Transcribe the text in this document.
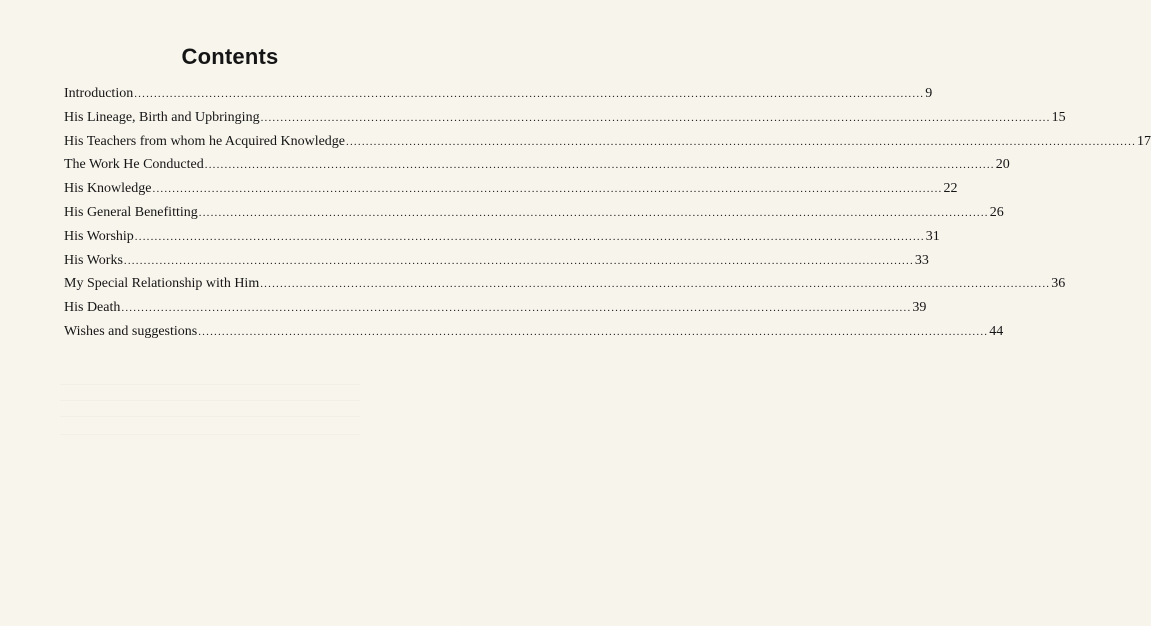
Contents
Introduction ........................................................................................................................................................................................................ 9
His Lineage, Birth and Upbringing ........................................................................................................................................................................................................ 15
His Teachers from whom he Acquired Knowledge ........................................................................................................................................................................................................ 17
The Work He Conducted ........................................................................................................................................................................................................ 20
His Knowledge ........................................................................................................................................................................................................ 22
His General Benefitting ........................................................................................................................................................................................................ 26
His Worship ........................................................................................................................................................................................................ 31
His Works ........................................................................................................................................................................................................ 33
My Special Relationship with Him ........................................................................................................................................................................................................ 36
His Death ........................................................................................................................................................................................................ 39
Wishes and suggestions ........................................................................................................................................................................................................ 44
